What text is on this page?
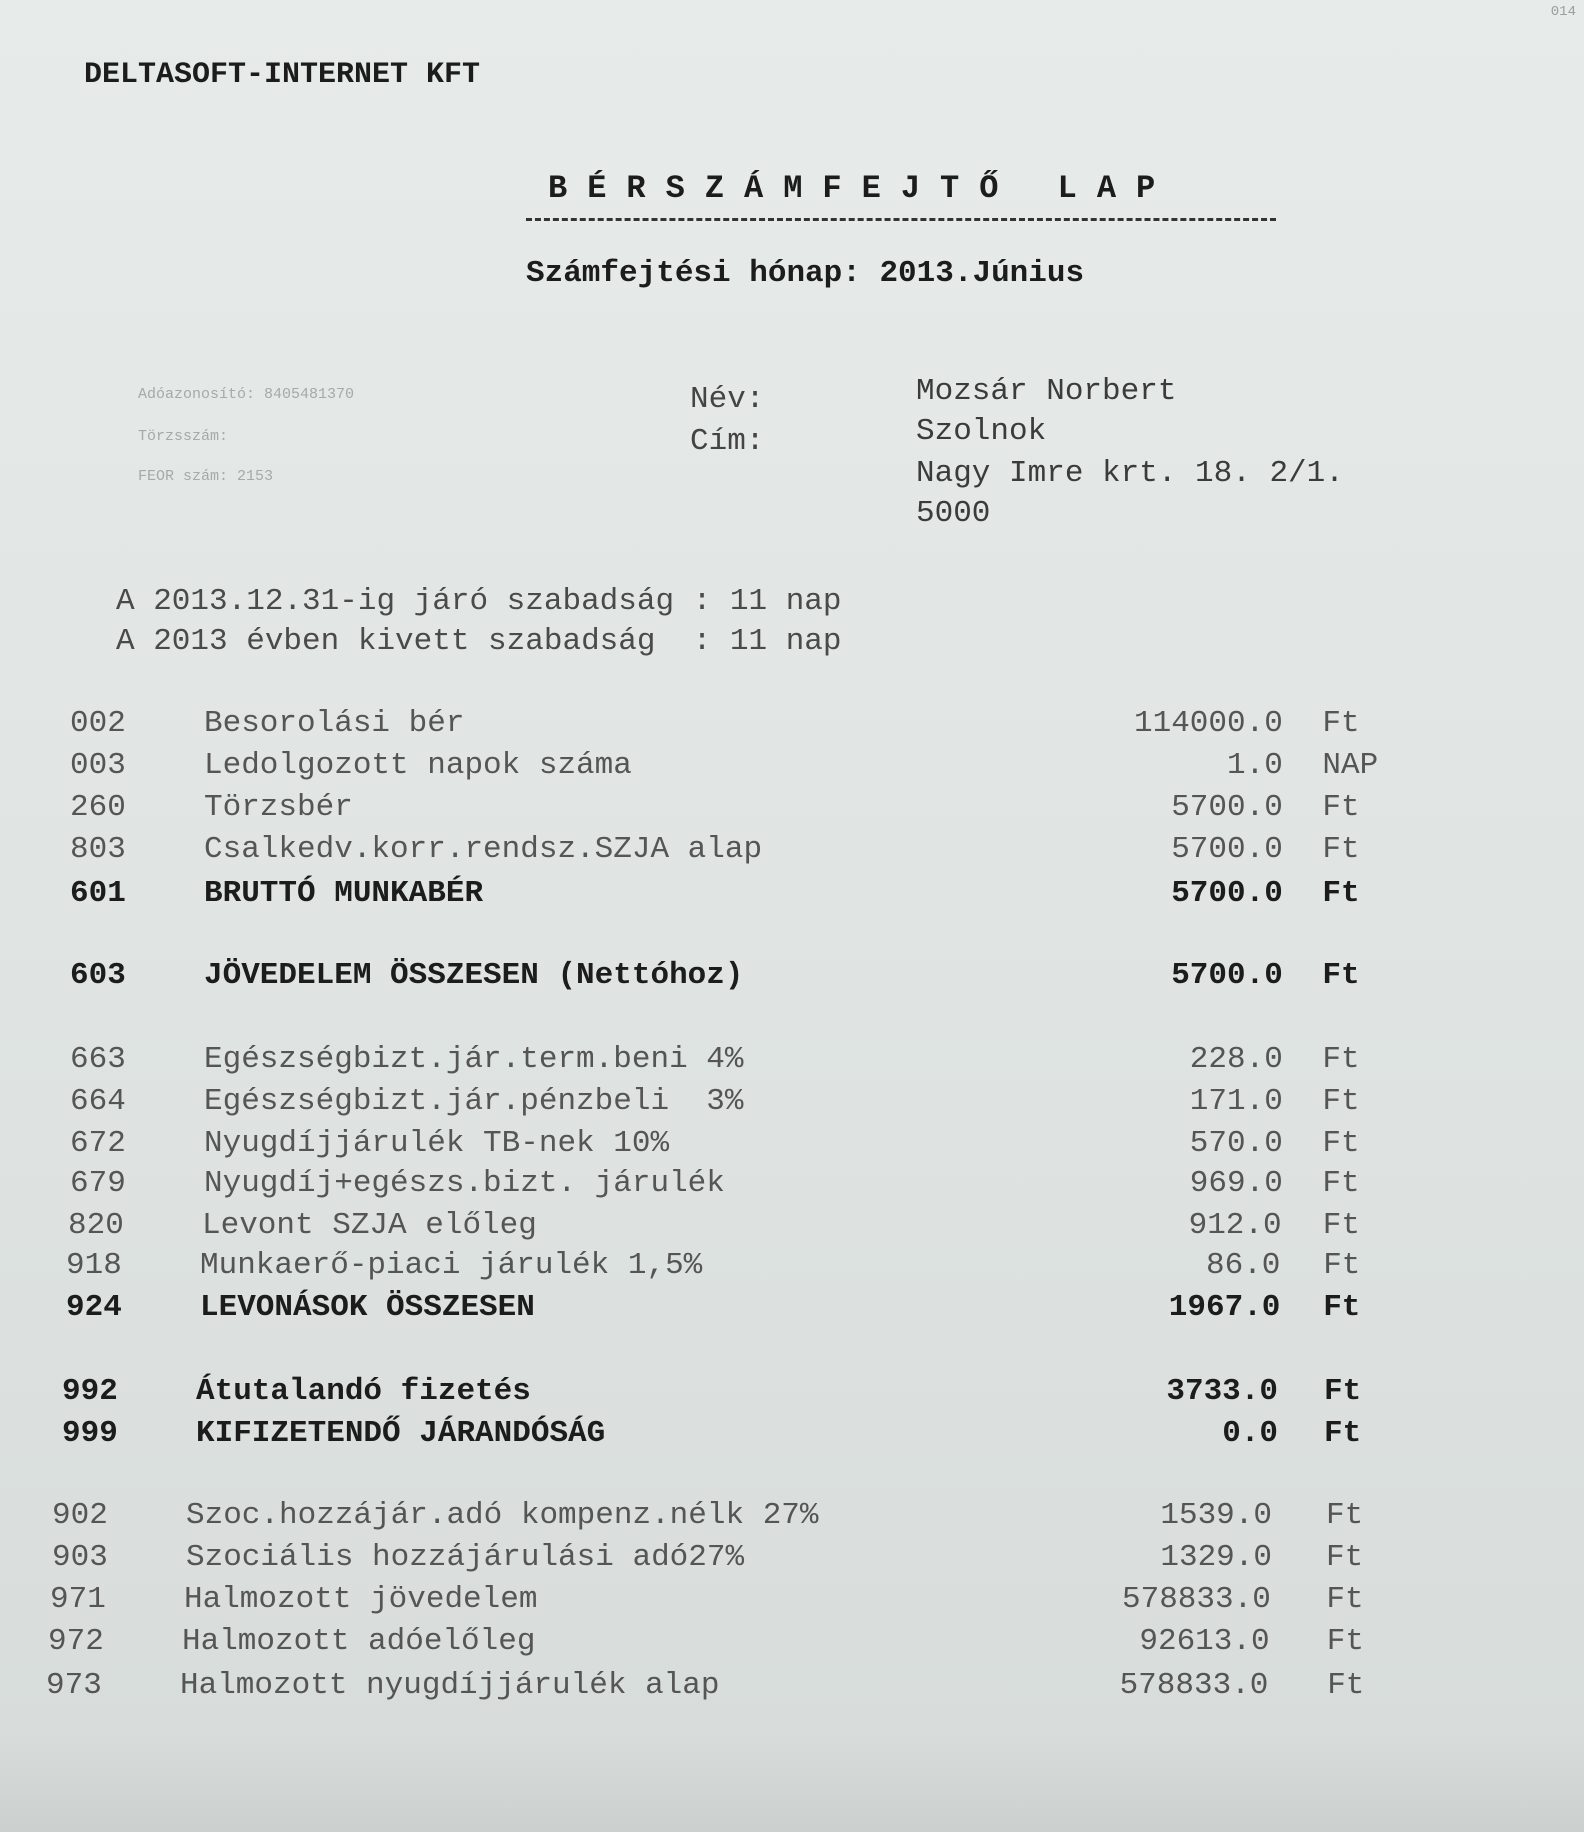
014
DELTASOFT-INTERNET KFT
BÉRSZÁMFEJTŐ LAP
Számfejtési hónap: 2013.Június
Adóazonosító: 8405481370
Törzsszám:
FEOR szám: 2153
Név:	Mozsár Norbert
Cím:	Szolnok
Nagy Imre krt. 18. 2/1.
5000
A 2013.12.31-ig járó szabadság : 11 nap
A 2013 évben kivett szabadság  : 11 nap
002	Besorolási bér	114000.0 Ft
003	Ledolgozott napok száma	1.0 NAP
260	Törzsbér	5700.0 Ft
803	Csalkedv.korr.rendsz.SZJA alap	5700.0 Ft
601	BRUTTÓ MUNKABÉR	5700.0 Ft
603	JÖVEDELEM ÖSSZESEN (Nettóhoz)	5700.0 Ft
663	Egészségbizt.jár.term.beni 4%	228.0 Ft
664	Egészségbizt.jár.pénzbeli  3%	171.0 Ft
672	Nyugdíjjárulék TB-nek 10%	570.0 Ft
679	Nyugdíj+egészs.bizt. járulék	969.0 Ft
820	Levont SZJA előleg	912.0 Ft
918	Munkaerő-piaci járulék 1,5%	86.0 Ft
924	LEVONÁSOK ÖSSZESEN	1967.0 Ft
992	Átutalandó fizetés	3733.0 Ft
999	KIFIZETENDŐ JÁRANDÓSÁG	0.0 Ft
902	Szoc.hozzájár.adó kompenz.nélk 27%	1539.0 Ft
903	Szociális hozzájárulási adó27%	1329.0 Ft
971	Halmozott jövedelem	578833.0 Ft
972	Halmozott adóelőleg	92613.0 Ft
973	Halmozott nyugdíjjárulék alap	578833.0 Ft
